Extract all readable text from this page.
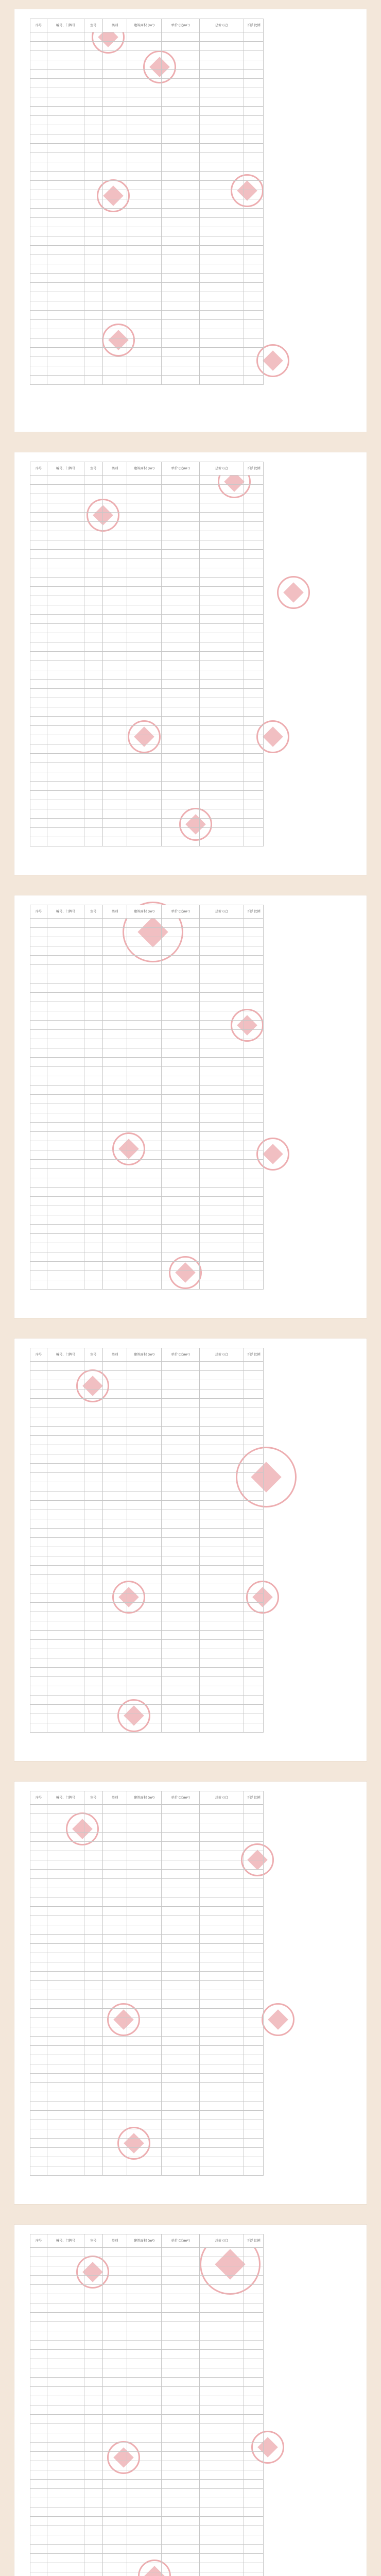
序号	幢号、门牌号	室号	类别	建筑面积 (m²)	单价 (元/m²)	总价 (元)	下浮 比例

序号	幢号、门牌号	室号	类别	建筑面积 (m²)	单价 (元/m²)	总价 (元)	下浮 比例

序号	幢号、门牌号	室号	类别	建筑面积 (m²)	单价 (元/m²)	总价 (元)	下浮 比例

序号	幢号、门牌号	室号	类别	建筑面积 (m²)	单价 (元/m²)	总价 (元)	下浮 比例

序号	幢号、门牌号	室号	类别	建筑面积 (m²)	单价 (元/m²)	总价 (元)	下浮 比例

序号	幢号、门牌号	室号	类别	建筑面积 (m²)	单价 (元/m²)	总价 (元)	下浮 比例
